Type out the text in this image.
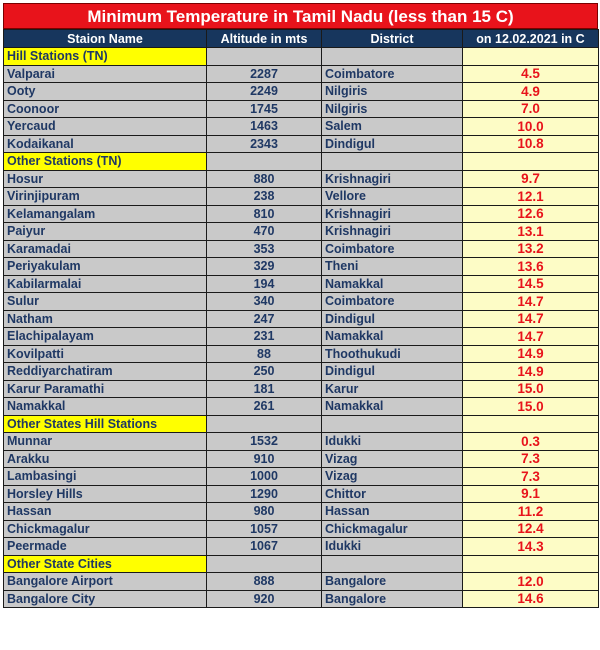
Minimum Temperature in Tamil Nadu (less than 15 C)
Staion Name	Altitude in mts	District	on 12.02.2021 in C
Hill Stations (TN)			
Valparai	2287	Coimbatore	4.5
Ooty	2249	Nilgiris	4.9
Coonoor	1745	Nilgiris	7.0
Yercaud	1463	Salem	10.0
Kodaikanal	2343	Dindigul	10.8
Other Stations (TN)			
Hosur	880	Krishnagiri	9.7
Virinjipuram	238	Vellore	12.1
Kelamangalam	810	Krishnagiri	12.6
Paiyur	470	Krishnagiri	13.1
Karamadai	353	Coimbatore	13.2
Periyakulam	329	Theni	13.6
Kabilarmalai	194	Namakkal	14.5
Sulur	340	Coimbatore	14.7
Natham	247	Dindigul	14.7
Elachipalayam	231	Namakkal	14.7
Kovilpatti	88	Thoothukudi	14.9
Reddiyarchatiram	250	Dindigul	14.9
Karur Paramathi	181	Karur	15.0
Namakkal	261	Namakkal	15.0
Other States Hill Stations			
Munnar	1532	Idukki	0.3
Arakku	910	Vizag	7.3
Lambasingi	1000	Vizag	7.3
Horsley Hills	1290	Chittor	9.1
Hassan	980	Hassan	11.2
Chickmagalur	1057	Chickmagalur	12.4
Peermade	1067	Idukki	14.3
Other State Cities			
Bangalore Airport	888	Bangalore	12.0
Bangalore City	920	Bangalore	14.6
